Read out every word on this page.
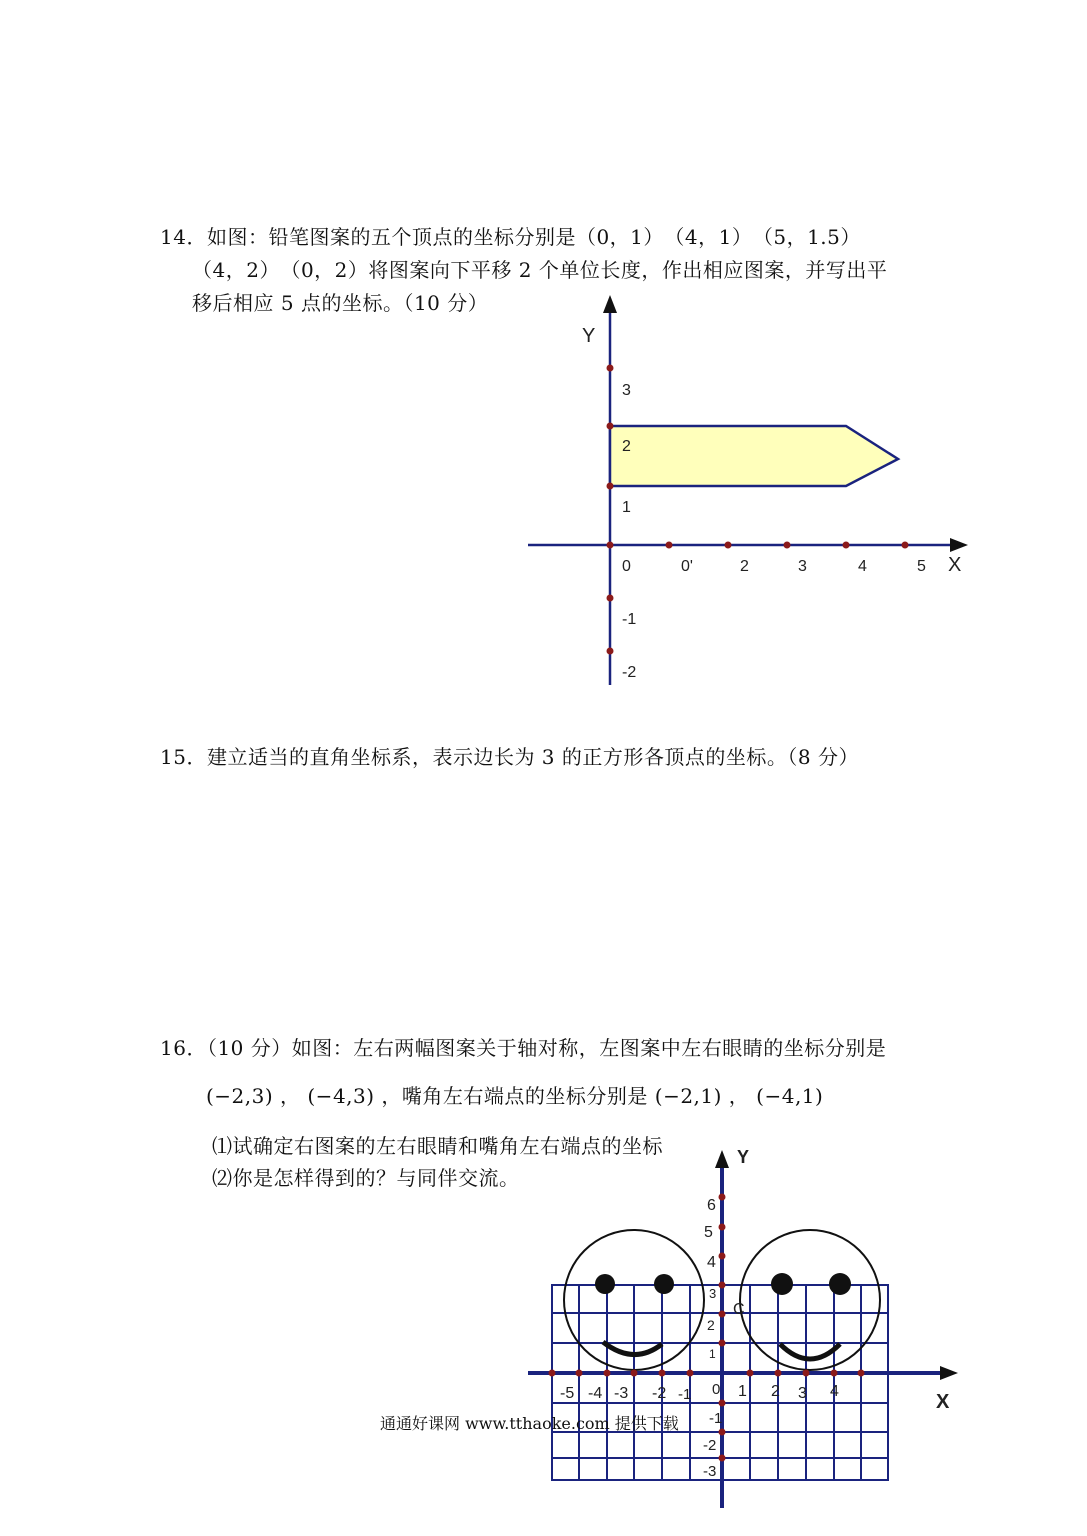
14．如图：铅笔图案的五个顶点的坐标分别是（0，1）　（4，1）　（5，1.5）
（4，2）　（0，2）将图案向下平移 2 个单位长度，作出相应图案，并写出平
移后相应 5 点的坐标。（10 分）
Y
X
3
2
1
-1
-2
0	0'	2	3	4	5
15．建立适当的直角坐标系，表示边长为 3 的正方形各顶点的坐标。（8 分）
16．（10 分）如图：左右两幅图案关于轴对称，左图案中左右眼睛的坐标分别是
(−2,3) ， (−4,3) ，嘴角左右端点的坐标分别是 (−2,1) ， (−4,1)
⑴试确定右图案的左右眼睛和嘴角左右端点的坐标
⑵你是怎样得到的？与同伴交流。
Y
X
6
5
4
3
2
1
C
-1
-2
-3
0
-5 -4 -3 -2 -1	1 2 3 4
通通好课网 www.tthaoke.com 提供下载
